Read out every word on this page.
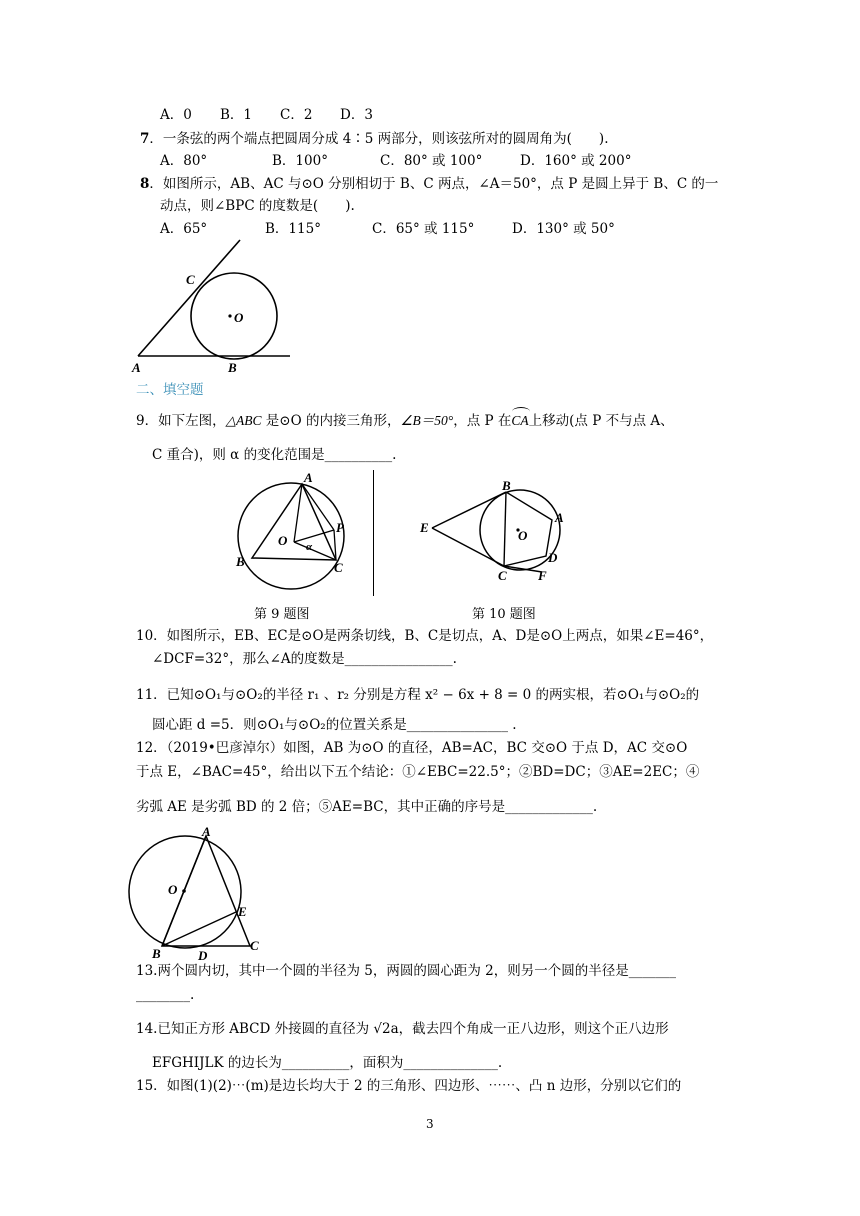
A．0 B．1 C．2 D．3
7．一条弦的两个端点把圆周分成 4∶5 两部分，则该弦所对的圆周角为(　　).
A．80°	B．100°	C．80° 或 100°	D．160° 或 200°
8．如图所示，AB、AC 与⊙O 分别相切于 B、C 两点，∠A＝50°，点 P 是圆上异于 B、C 的一
动点，则∠BPC 的度数是(　　).
A．65°	B．115°	C．65° 或 115°	D．130° 或 50°
O
C
A	B
二、填空题
9．如下左图，△ABC 是⊙O 的内接三角形，∠B＝50°，点 P 在
CA上移动(点 P 不与点 A、
C 重合)，则 α 的变化范围是__________.
A
B	C
O
P
α
B
C
E
A
D
F
O
第 9 题图	第 10 题图
10．如图所示，EB、EC是⊙O是两条切线，B、C是切点，A、D是⊙O上两点，如果∠E=46°，
∠DCF=32°，那么∠A的度数是________________.
11．已知⊙O₁与⊙O₂的半径 r₁ 、r₂ 分别是方程 x² − 6x + 8 = 0 的两实根，若⊙O₁与⊙O₂的
圆心距 d =5．则⊙O₁与⊙O₂的位置关系是_______________ .
12．（2019•巴彦淖尔）如图，AB 为⊙O 的直径，AB=AC，BC 交⊙O 于点 D，AC 交⊙O
于点 E，∠BAC=45°，给出以下五个结论：①∠EBC=22.5°；②BD=DC；③AE=2EC；④
劣弧 AE 是劣弧 BD 的 2 倍；⑤AE=BC，其中正确的序号是_____________.
A
O
E
B	D
C
13.两个圆内切，其中一个圆的半径为 5，两圆的圆心距为 2，则另一个圆的半径是_______
________.
14.已知正方形 ABCD 外接圆的直径为 √2a，截去四个角成一正八边形，则这个正八边形
EFGHIJLK 的边长为__________，面积为______________.
15．如图(1)(2)⋯(m)是边长均大于 2 的三角形、四边形、⋯⋯、凸 n 边形，分别以它们的
3
